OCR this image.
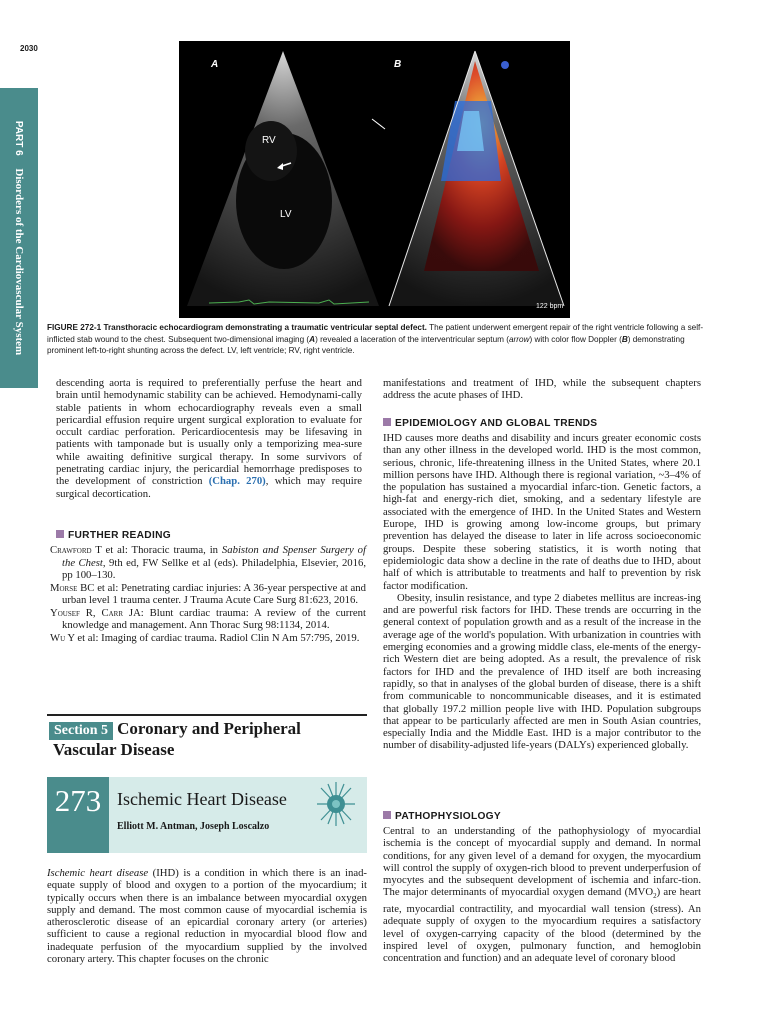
2030
PART 6 Disorders of the Cardiovascular System
A	B
RV
LV
122 bpm
FIGURE 272-1 Transthoracic echocardiogram demonstrating a traumatic ventricular septal defect. The patient underwent emergent repair of the right ventricle following a self-inflicted stab wound to the chest. Subsequent two-dimensional imaging (A) revealed a laceration of the interventricular septum (arrow) with color flow Doppler (B) demonstrating prominent left-to-right shunting across the defect. LV, left ventricle; RV, right ventricle.
descending aorta is required to preferentially perfuse the heart and brain until hemodynamic stability can be achieved. Hemodynami-cally stable patients in whom echocardiography reveals even a small pericardial effusion require urgent surgical exploration to evaluate for occult cardiac perforation. Pericardiocentesis may be lifesaving in patients with tamponade but is usually only a temporizing mea-sure while awaiting definitive surgical therapy. In some survivors of penetrating cardiac injury, the pericardial hemorrhage predisposes to the development of constriction (Chap. 270), which may require surgical decortication.
FURTHER READING

Crawford T et al: Thoracic trauma, in Sabiston and Spenser Surgery of the Chest, 9th ed, FW Sellke et al (eds). Philadelphia, Elsevier, 2016, pp 100–130.

Morse BC et al: Penetrating cardiac injuries: A 36-year perspective at and urban level 1 trauma center. J Trauma Acute Care Surg 81:623, 2016.

Yousef R, Carr JA: Blunt cardiac trauma: A review of the current knowledge and management. Ann Thorac Surg 98:1134, 2014.

Wu Y et al: Imaging of cardiac trauma. Radiol Clin N Am 57:795, 2019.

Section 5 Coronary and Peripheral
Vascular Disease
273 Ischemic Heart Disease
Elliott M. Antman, Joseph Loscalzo
Ischemic heart disease (IHD) is a condition in which there is an inad-equate supply of blood and oxygen to a portion of the myocardium; it typically occurs when there is an imbalance between myocardial oxygen supply and demand. The most common cause of myocardial ischemia is atherosclerotic disease of an epicardial coronary artery (or arteries) sufficient to cause a regional reduction in myocardial blood flow and inadequate perfusion of the myocardium supplied by the involved coronary artery. This chapter focuses on the chronic
manifestations and treatment of IHD, while the subsequent chapters address the acute phases of IHD.
EPIDEMIOLOGY AND GLOBAL TRENDS

IHD causes more deaths and disability and incurs greater economic costs than any other illness in the developed world. IHD is the most common, serious, chronic, life-threatening illness in the United States, where 20.1 million persons have IHD. Although there is regional variation, ~3–4% of the population has sustained a myocardial infarc-tion. Genetic factors, a high-fat and energy-rich diet, smoking, and a sedentary lifestyle are associated with the emergence of IHD. In the United States and Western Europe, IHD is growing among low-income groups, but primary prevention has delayed the disease to later in life across socioeconomic groups. Despite these sobering statistics, it is worth noting that epidemiologic data show a decline in the rate of deaths due to IHD, about half of which is attributable to treatments and half to prevention by risk factor modification.

Obesity, insulin resistance, and type 2 diabetes mellitus are increas-ing and are powerful risk factors for IHD. These trends are occurring in the general context of population growth and as a result of the increase in the average age of the world's population. With urbanization in countries with emerging economies and a growing middle class, ele-ments of the energy-rich Western diet are being adopted. As a result, the prevalence of risk factors for IHD and the prevalence of IHD itself are both increasing rapidly, so that in analyses of the global burden of disease, there is a shift from communicable to noncommunicable diseases, and it is estimated that globally 197.2 million people live with IHD. Population subgroups that appear to be particularly affected are men in South Asian countries, especially India and the Middle East. IHD is a major contributor to the number of disability-adjusted life-years (DALYs) experienced globally.

PATHOPHYSIOLOGY
Central to an understanding of the pathophysiology of myocardial ischemia is the concept of myocardial supply and demand. In normal conditions, for any given level of a demand for oxygen, the myocardium will control the supply of oxygen-rich blood to prevent underperfusion of myocytes and the subsequent development of ischemia and infarc-tion. The major determinants of myocardial oxygen demand $(MVO_2)$ are heart rate, myocardial contractility, and myocardial wall tension (stress). An adequate supply of oxygen to the myocardium requires a satisfactory level of oxygen-carrying capacity of the blood (determined by the inspired level of oxygen, pulmonary function, and hemoglobin concentration and function) and an adequate level of coronary blood
